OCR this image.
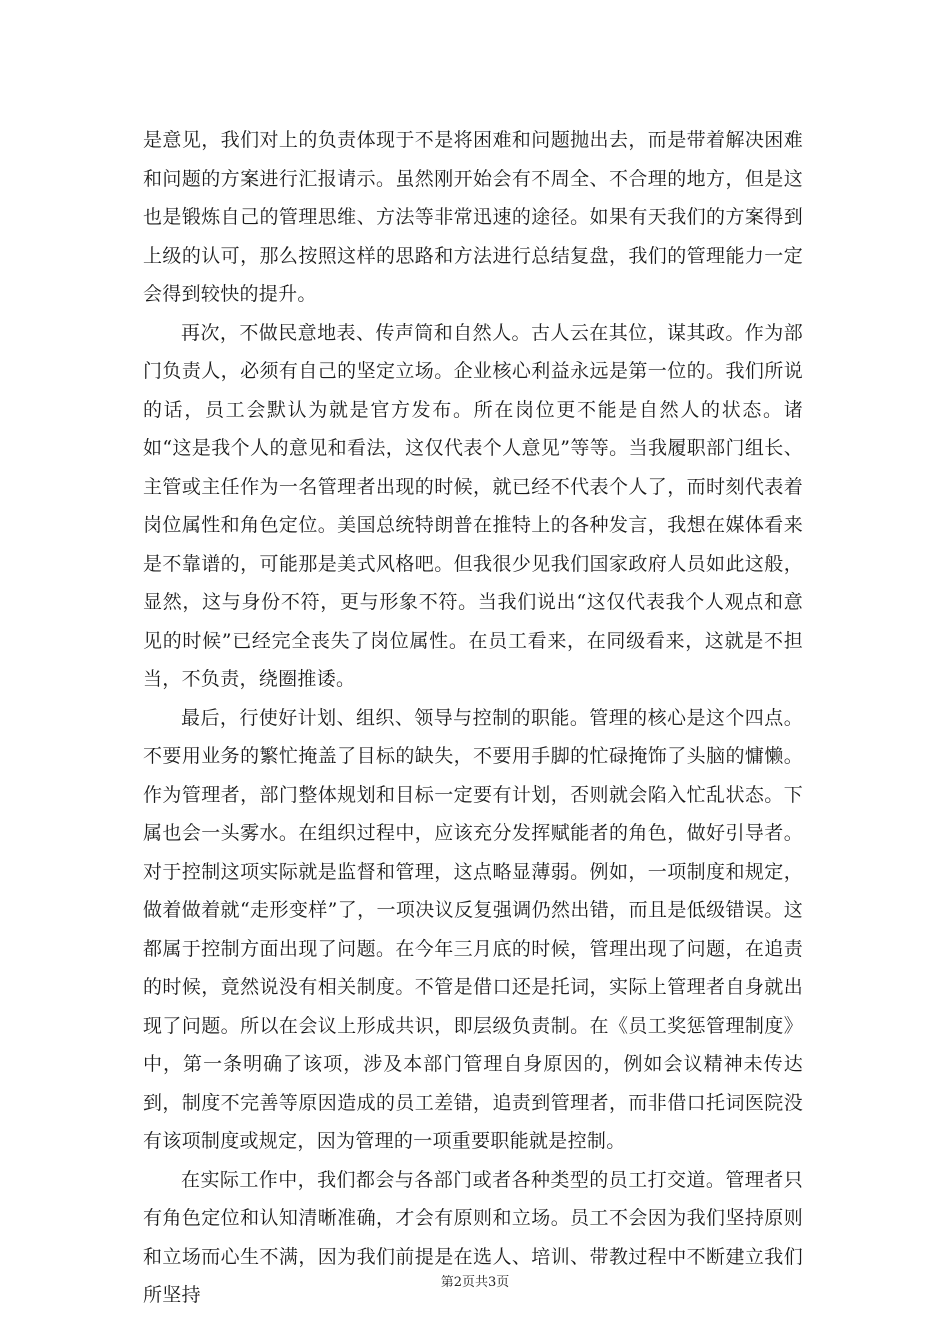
是意见，我们对上的负责体现于不是将困难和问题抛出去，而是带着解决困难和问题的方案进行汇报请示。虽然刚开始会有不周全、不合理的地方，但是这也是锻炼自己的管理思维、方法等非常迅速的途径。如果有天我们的方案得到上级的认可，那么按照这样的思路和方法进行总结复盘，我们的管理能力一定会得到较快的提升。

再次，不做民意地表、传声筒和自然人。古人云在其位，谋其政。作为部门负责人，必须有自己的坚定立场。企业核心利益永远是第一位的。我们所说的话，员工会默认为就是官方发布。所在岗位更不能是自然人的状态。诸如“这是我个人的意见和看法，这仅代表个人意见”等等。当我履职部门组长、主管或主任作为一名管理者出现的时候，就已经不代表个人了，而时刻代表着岗位属性和角色定位。美国总统特朗普在推特上的各种发言，我想在媒体看来是不靠谱的，可能那是美式风格吧。但我很少见我们国家政府人员如此这般，显然，这与身份不符，更与形象不符。当我们说出“这仅代表我个人观点和意见的时候”已经完全丧失了岗位属性。在员工看来，在同级看来，这就是不担当，不负责，绕圈推诿。

最后，行使好计划、组织、领导与控制的职能。管理的核心是这个四点。不要用业务的繁忙掩盖了目标的缺失，不要用手脚的忙碌掩饰了头脑的慵懒。作为管理者，部门整体规划和目标一定要有计划，否则就会陷入忙乱状态。下属也会一头雾水。在组织过程中，应该充分发挥赋能者的角色，做好引导者。对于控制这项实际就是监督和管理，这点略显薄弱。例如，一项制度和规定，做着做着就“走形变样”了，一项决议反复强调仍然出错，而且是低级错误。这都属于控制方面出现了问题。在今年三月底的时候，管理出现了问题，在追责的时候，竟然说没有相关制度。不管是借口还是托词，实际上管理者自身就出现了问题。所以在会议上形成共识，即层级负责制。在《员工奖惩管理制度》中，第一条明确了该项，涉及本部门管理自身原因的，例如会议精神未传达到，制度不完善等原因造成的员工差错，追责到管理者，而非借口托词医院没有该项制度或规定，因为管理的一项重要职能就是控制。

在实际工作中，我们都会与各部门或者各种类型的员工打交道。管理者只有角色定位和认知清晰准确，才会有原则和立场。员工不会因为我们坚持原则和立场而心生不满，因为我们前提是在选人、培训、带教过程中不断建立我们所坚持

第2页共3页
